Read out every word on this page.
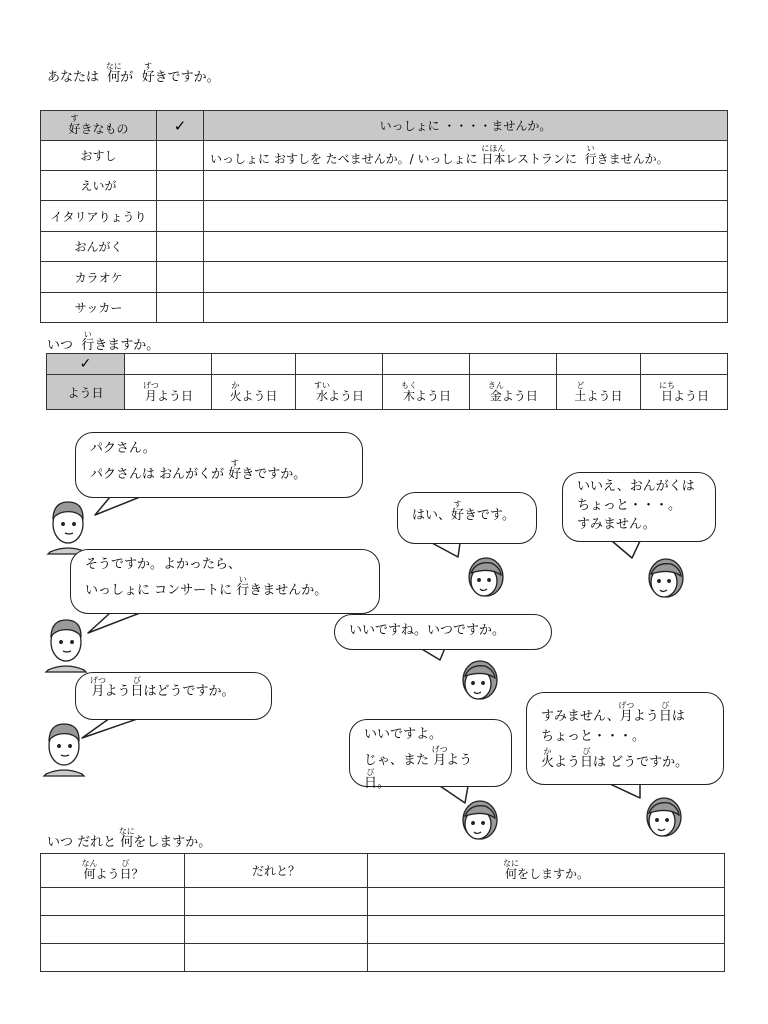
あなたは 何なにが 好すきですか。
好すきなもの	✓	いっしょに ・・・・ませんか。
おすし		いっしょに おすしを たべませんか。/ いっしょに 日本にほんレストランに  行いきませんか。
えいが		
イタリアりょうり		
おんがく		
カラオケ		
サッカー		
いつ  行いきますか。
✓							
よう日	月げつよう日	火かよう日	水すいよう日	木もくよう日	金きんよう日	土どよう日	日にちよう日
パクさん。
パクさんは おんがくが 好すきですか。
はい、好すきです。
いいえ、おんがくは
ちょっと・・・。
すみません。
そうですか。よかったら、
いっしょに コンサートに 行いきませんか。
いいですね。いつですか。
月げつよう日びはどうですか。
いいですよ。
じゃ、また 月げつよう日び。
すみません、月げつよう日びは
ちょっと・・・。
火かよう日びは どうですか。
いつ だれと 何なにをしますか。
何なんよう日び？	だれと？	何なにをしますか。
